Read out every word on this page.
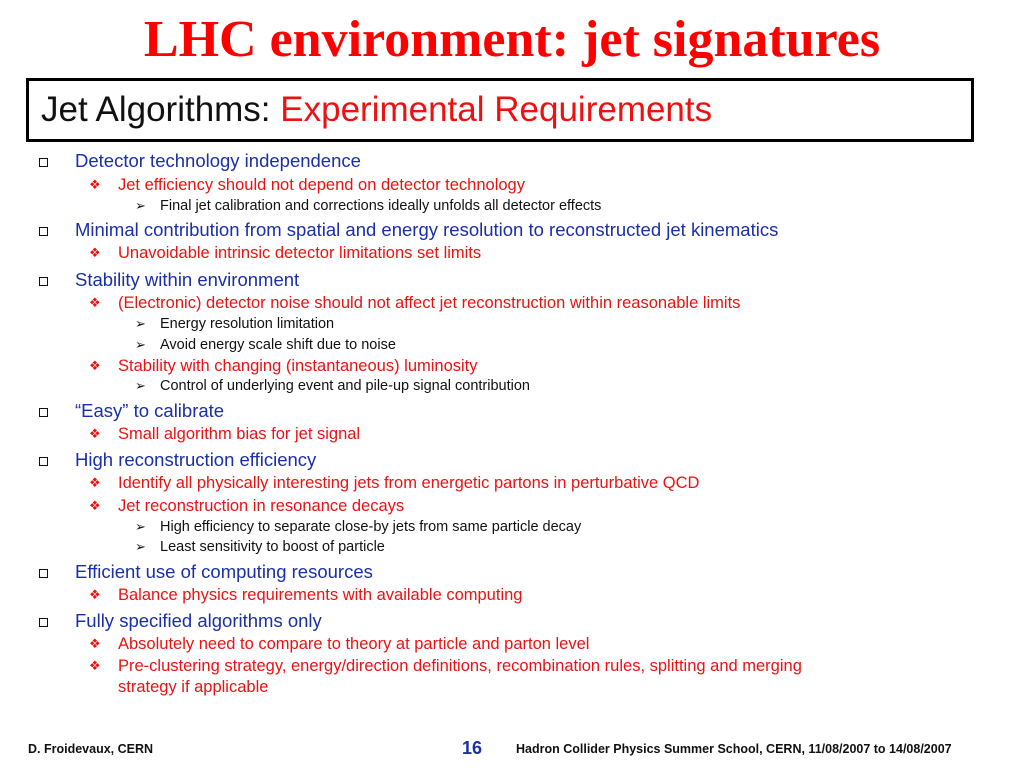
LHC environment: jet signatures
Jet Algorithms: Experimental Requirements
Detector technology independence
❖ Jet efficiency should not depend on detector technology
➢ Final jet calibration and corrections ideally unfolds all detector effects
Minimal contribution from spatial and energy resolution to reconstructed jet kinematics
❖ Unavoidable intrinsic detector limitations set limits
Stability within environment
❖ (Electronic) detector noise should not affect jet reconstruction within reasonable limits
➢ Energy resolution limitation
➢ Avoid energy scale shift due to noise
❖ Stability with changing (instantaneous) luminosity
➢ Control of underlying event and pile-up signal contribution
“Easy” to calibrate
❖ Small algorithm bias for jet signal
High reconstruction efficiency
❖ Identify all physically interesting jets from energetic partons in perturbative QCD
❖ Jet reconstruction in resonance decays
➢ High efficiency to separate close-by jets from same particle decay
➢ Least sensitivity to boost of particle
Efficient use of computing resources
❖ Balance physics requirements with available computing
Fully specified algorithms only
❖ Absolutely need to compare to theory at particle and parton level
❖ Pre-clustering strategy, energy/direction definitions, recombination rules, splitting and merging
strategy if applicable
D. Froidevaux, CERN	16	Hadron Collider Physics Summer School, CERN, 11/08/2007 to 14/08/2007
